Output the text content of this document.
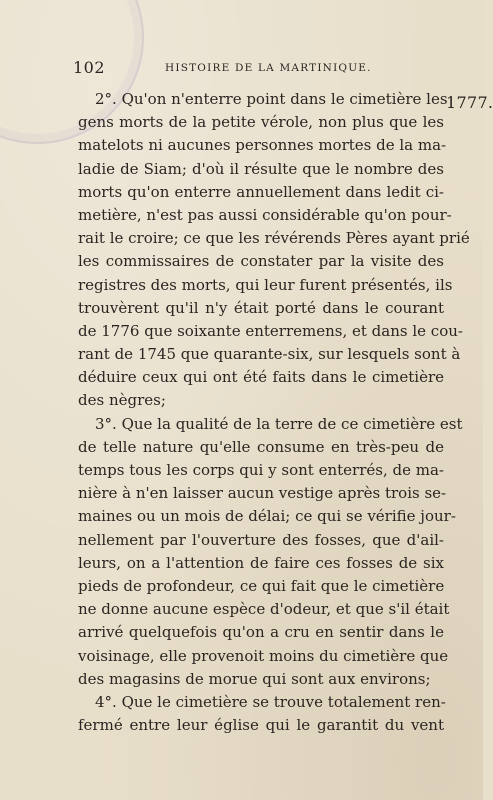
102	HISTOIRE DE LA MARTINIQUE.
1777.
2°. Qu'on n'enterre point dans le cimetière les
gens morts de la petite vérole, non plus que les
matelots ni aucunes personnes mortes de la ma-
ladie de Siam; d'où il résulte que le nombre des
morts qu'on enterre annuellement dans ledit ci-
metière, n'est pas aussi considérable qu'on pour-
rait le croire; ce que les révérends Pères ayant prié
les commissaires de constater par la visite des
registres des morts, qui leur furent présentés, ils
trouvèrent qu'il n'y était porté dans le courant
de 1776 que soixante enterremens, et dans le cou-
rant de 1745 que quarante-six, sur lesquels sont à
déduire ceux qui ont été faits dans le cimetière
des nègres;
3°. Que la qualité de la terre de ce cimetière est
de telle nature qu'elle consume en très-peu de
temps tous les corps qui y sont enterrés, de ma-
nière à n'en laisser aucun vestige après trois se-
maines ou un mois de délai; ce qui se vérifie jour-
nellement par l'ouverture des fosses, que d'ail-
leurs, on a l'attention de faire ces fosses de six
pieds de profondeur, ce qui fait que le cimetière
ne donne aucune espèce d'odeur, et que s'il était
arrivé quelquefois qu'on a cru en sentir dans le
voisinage, elle provenoit moins du cimetière que
des magasins de morue qui sont aux environs;
4°. Que le cimetière se trouve totalement ren-
fermé entre leur église qui le garantit du vent
